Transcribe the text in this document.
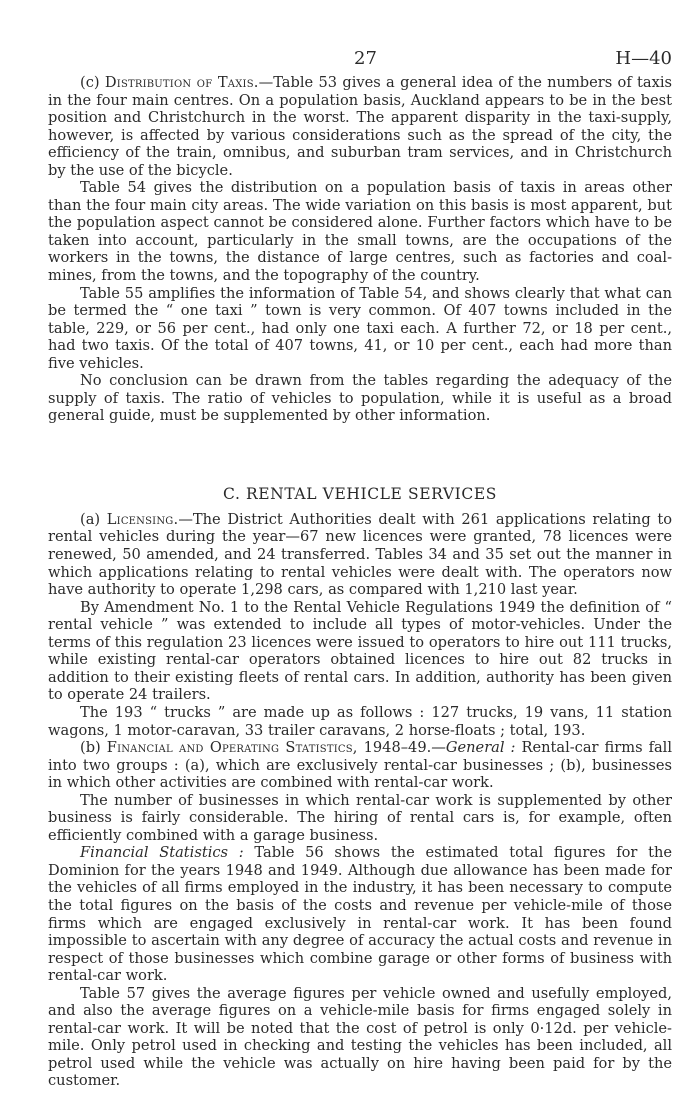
27	H—40

(c) Distribution of Taxis.—Table 53 gives a general idea of the numbers of taxis in the four main centres. On a population basis, Auckland appears to be in the best position and Christchurch in the worst. The apparent disparity in the taxi-supply, however, is affected by various considerations such as the spread of the city, the efficiency of the train, omnibus, and suburban tram services, and in Christchurch by the use of the bicycle.

Table 54 gives the distribution on a population basis of taxis in areas other than the four main city areas. The wide variation on this basis is most apparent, but the population aspect cannot be considered alone. Further factors which have to be taken into account, particularly in the small towns, are the occupations of the workers in the towns, the distance of large centres, such as factories and coal-mines, from the towns, and the topography of the country.

Table 55 amplifies the information of Table 54, and shows clearly that what can be termed the “ one taxi ” town is very common. Of 407 towns included in the table, 229, or 56 per cent., had only one taxi each. A further 72, or 18 per cent., had two taxis. Of the total of 407 towns, 41, or 10 per cent., each had more than five vehicles.

No conclusion can be drawn from the tables regarding the adequacy of the supply of taxis. The ratio of vehicles to population, while it is useful as a broad general guide, must be supplemented by other information.

C. RENTAL VEHICLE SERVICES

(a) Licensing.—The District Authorities dealt with 261 applications relating to rental vehicles during the year—67 new licences were granted, 78 licences were renewed, 50 amended, and 24 transferred. Tables 34 and 35 set out the manner in which applications relating to rental vehicles were dealt with. The operators now have authority to operate 1,298 cars, as compared with 1,210 last year.

By Amendment No. 1 to the Rental Vehicle Regulations 1949 the definition of “ rental vehicle ” was extended to include all types of motor-vehicles. Under the terms of this regulation 23 licences were issued to operators to hire out 111 trucks, while existing rental-car operators obtained licences to hire out 82 trucks in addition to their existing fleets of rental cars. In addition, authority has been given to operate 24 trailers.

The 193 “ trucks ” are made up as follows : 127 trucks, 19 vans, 11 station wagons, 1 motor-caravan, 33 trailer caravans, 2 horse-floats ; total, 193.

(b) Financial and Operating Statistics, 1948–49.—General : Rental-car firms fall into two groups : (a), which are exclusively rental-car businesses ; (b), businesses in which other activities are combined with rental-car work.

The number of businesses in which rental-car work is supplemented by other business is fairly considerable. The hiring of rental cars is, for example, often efficiently combined with a garage business.

Financial Statistics : Table 56 shows the estimated total figures for the Dominion for the years 1948 and 1949. Although due allowance has been made for the vehicles of all firms employed in the industry, it has been necessary to compute the total figures on the basis of the costs and revenue per vehicle-mile of those firms which are engaged exclusively in rental-car work. It has been found impossible to ascertain with any degree of accuracy the actual costs and revenue in respect of those businesses which combine garage or other forms of business with rental-car work.

Table 57 gives the average figures per vehicle owned and usefully employed, and also the average figures on a vehicle-mile basis for firms engaged solely in rental-car work. It will be noted that the cost of petrol is only 0·12d. per vehicle-mile. Only petrol used in checking and testing the vehicles has been included, all petrol used while the vehicle was actually on hire having been paid for by the customer.
